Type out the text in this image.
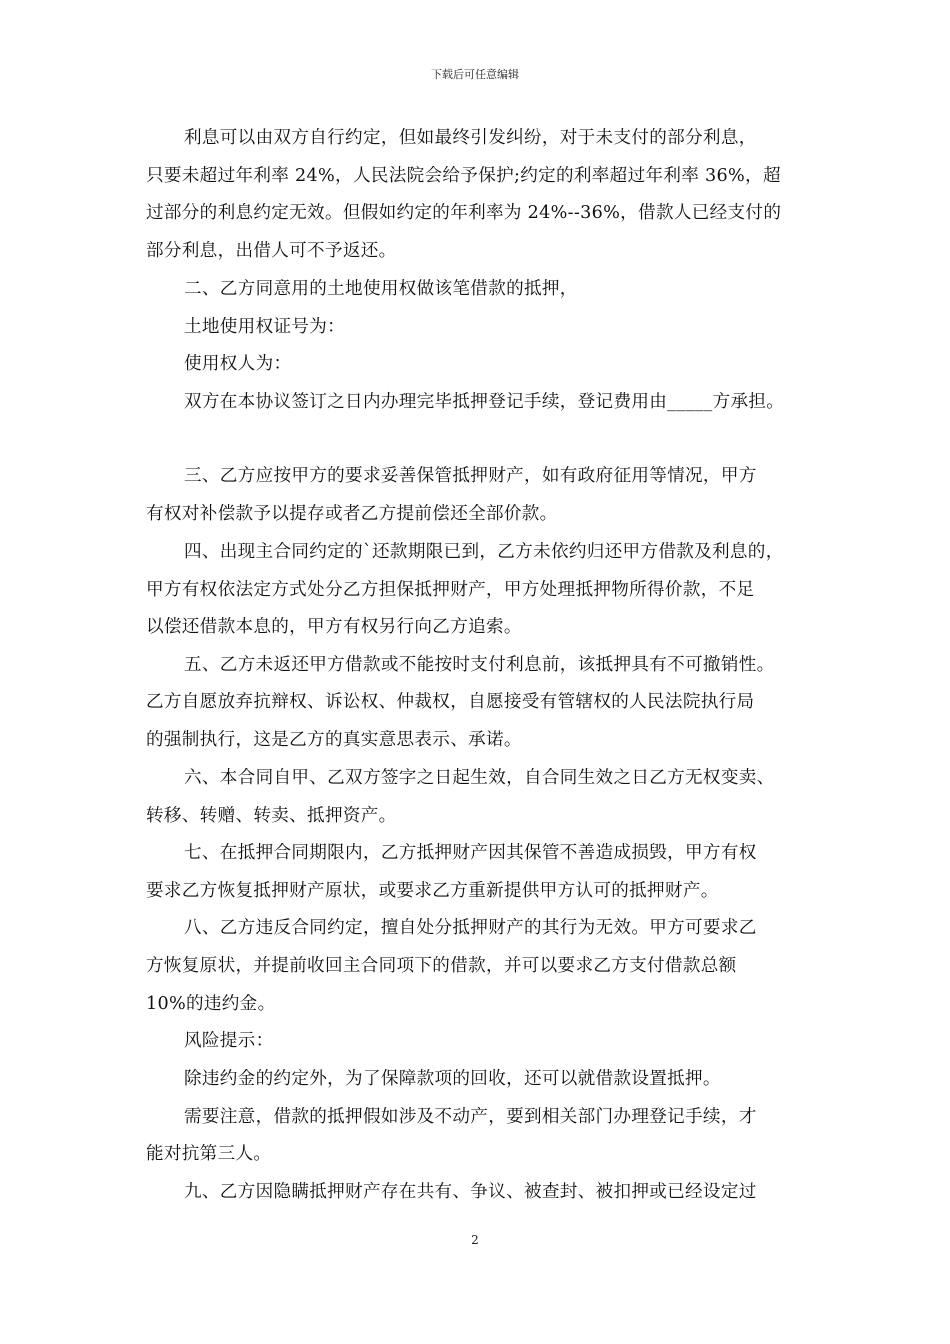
下载后可任意编辑
利息可以由双方自行约定，但如最终引发纠纷，对于未支付的部分利息，
只要未超过年利率 24%，人民法院会给予保护;约定的利率超过年利率 36%，超
过部分的利息约定无效。但假如约定的年利率为 24%--36%，借款人已经支付的
部分利息，出借人可不予返还。
二、乙方同意用的土地使用权做该笔借款的抵押，
土地使用权证号为：
使用权人为：
双方在本协议签订之日内办理完毕抵押登记手续，登记费用由_____方承担。
三、乙方应按甲方的要求妥善保管抵押财产，如有政府征用等情况，甲方
有权对补偿款予以提存或者乙方提前偿还全部价款。
四、出现主合同约定的`还款期限已到，乙方未依约归还甲方借款及利息的，
甲方有权依法定方式处分乙方担保抵押财产，甲方处理抵押物所得价款，不足
以偿还借款本息的，甲方有权另行向乙方追索。
五、乙方未返还甲方借款或不能按时支付利息前，该抵押具有不可撤销性。
乙方自愿放弃抗辩权、诉讼权、仲裁权，自愿接受有管辖权的人民法院执行局
的强制执行，这是乙方的真实意思表示、承诺。
六、本合同自甲、乙双方签字之日起生效，自合同生效之日乙方无权变卖、
转移、转赠、转卖、抵押资产。
七、在抵押合同期限内，乙方抵押财产因其保管不善造成损毁，甲方有权
要求乙方恢复抵押财产原状，或要求乙方重新提供甲方认可的抵押财产。
八、乙方违反合同约定，擅自处分抵押财产的其行为无效。甲方可要求乙
方恢复原状，并提前收回主合同项下的借款，并可以要求乙方支付借款总额
10%的违约金。
风险提示：
除违约金的约定外，为了保障款项的回收，还可以就借款设置抵押。
需要注意，借款的抵押假如涉及不动产，要到相关部门办理登记手续，才
能对抗第三人。
九、乙方因隐瞒抵押财产存在共有、争议、被查封、被扣押或已经设定过
2
